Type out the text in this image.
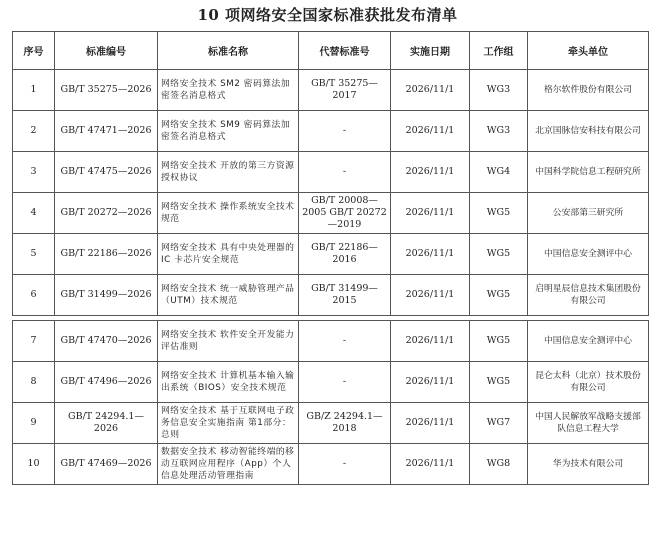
10 项网络安全国家标准获批发布清单
序号	标准编号	标准名称	代替标准号	实施日期	工作组	牵头单位
1	GB/T 35275—2026	网络安全技术 SM2 密码算法加密签名消息格式	GB/T 35275—2017	2026/11/1	WG3	格尔软件股份有限公司
2	GB/T 47471—2026	网络安全技术 SM9 密码算法加密签名消息格式	-	2026/11/1	WG3	北京国脉信安科技有限公司
3	GB/T 47475—2026	网络安全技术 开放的第三方资源授权协议	-	2026/11/1	WG4	中国科学院信息工程研究所
4	GB/T 20272—2026	网络安全技术 操作系统安全技术规范	GB/T 20008—2005 GB/T 20272—2019	2026/11/1	WG5	公安部第三研究所
5	GB/T 22186—2026	网络安全技术 具有中央处理器的 IC 卡芯片安全规范	GB/T 22186—2016	2026/11/1	WG5	中国信息安全测评中心
6	GB/T 31499—2026	网络安全技术 统一威胁管理产品（UTM）技术规范	GB/T 31499—2015	2026/11/1	WG5	启明星辰信息技术集团股份有限公司

7	GB/T 47470—2026	网络安全技术 软件安全开发能力评估准则	-	2026/11/1	WG5	中国信息安全测评中心
8	GB/T 47496—2026	网络安全技术 计算机基本输入输出系统（BIOS）安全技术规范	-	2026/11/1	WG5	昆仑太科（北京）技术股份有限公司
9	GB/T 24294.1—2026	网络安全技术 基于互联网电子政务信息安全实施指南 第1部分：总则	GB/Z 24294.1—2018	2026/11/1	WG7	中国人民解放军战略支援部队信息工程大学
10	GB/T 47469—2026	数据安全技术 移动智能终端的移动互联网应用程序（App）个人信息处理活动管理指南	-	2026/11/1	WG8	华为技术有限公司
